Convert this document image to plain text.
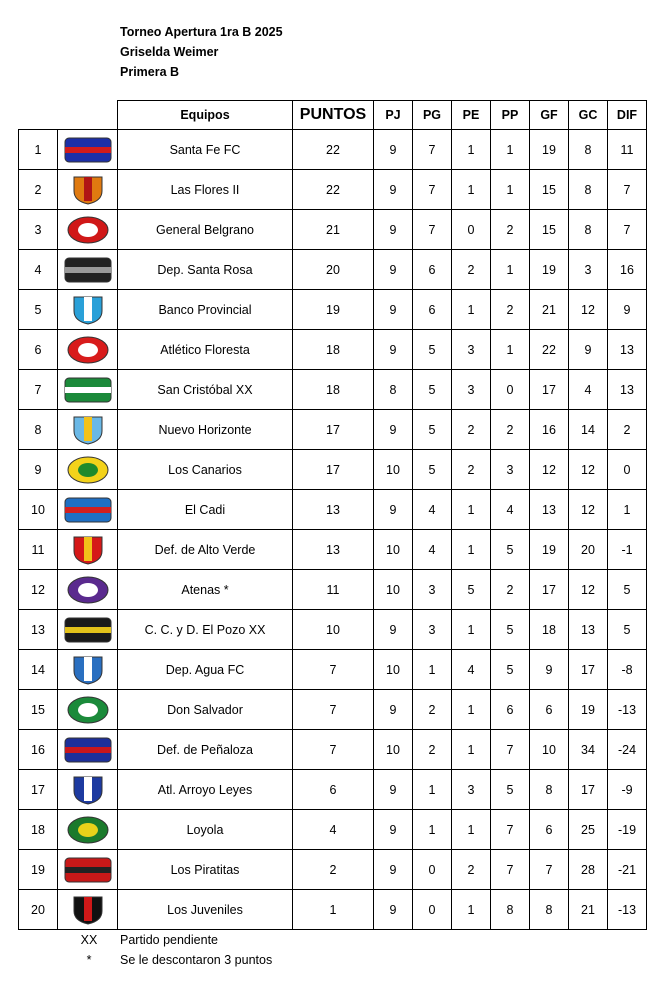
Torneo Apertura 1ra B 2025
Griselda Weimer
Primera B
		Equipos	PUNTOS	PJ	PG	PE	PP	GF	GC	DIF
1		Santa Fe FC	22	9	7	1	1	19	8	11
2		Las Flores II	22	9	7	1	1	15	8	7
3		General Belgrano	21	9	7	0	2	15	8	7
4		Dep. Santa Rosa	20	9	6	2	1	19	3	16
5		Banco Provincial	19	9	6	1	2	21	12	9
6		Atlético Floresta	18	9	5	3	1	22	9	13
7		San Cristóbal XX	18	8	5	3	0	17	4	13
8		Nuevo Horizonte	17	9	5	2	2	16	14	2
9		Los Canarios	17	10	5	2	3	12	12	0
10		El Cadi	13	9	4	1	4	13	12	1
11		Def. de Alto Verde	13	10	4	1	5	19	20	-1
12		Atenas *	11	10	3	5	2	17	12	5
13		C. C. y D. El Pozo XX	10	9	3	1	5	18	13	5
14		Dep. Agua FC	7	10	1	4	5	9	17	-8
15		Don Salvador	7	9	2	1	6	6	19	-13
16		Def. de Peñaloza	7	10	2	1	7	10	34	-24
17		Atl. Arroyo Leyes	6	9	1	3	5	8	17	-9
18		Loyola	4	9	1	1	7	6	25	-19
19		Los Piratitas	2	9	0	2	7	7	28	-21
20		Los Juveniles	1	9	0	1	8	8	21	-13
XX	Partido pendiente
*	Se le descontaron 3 puntos
